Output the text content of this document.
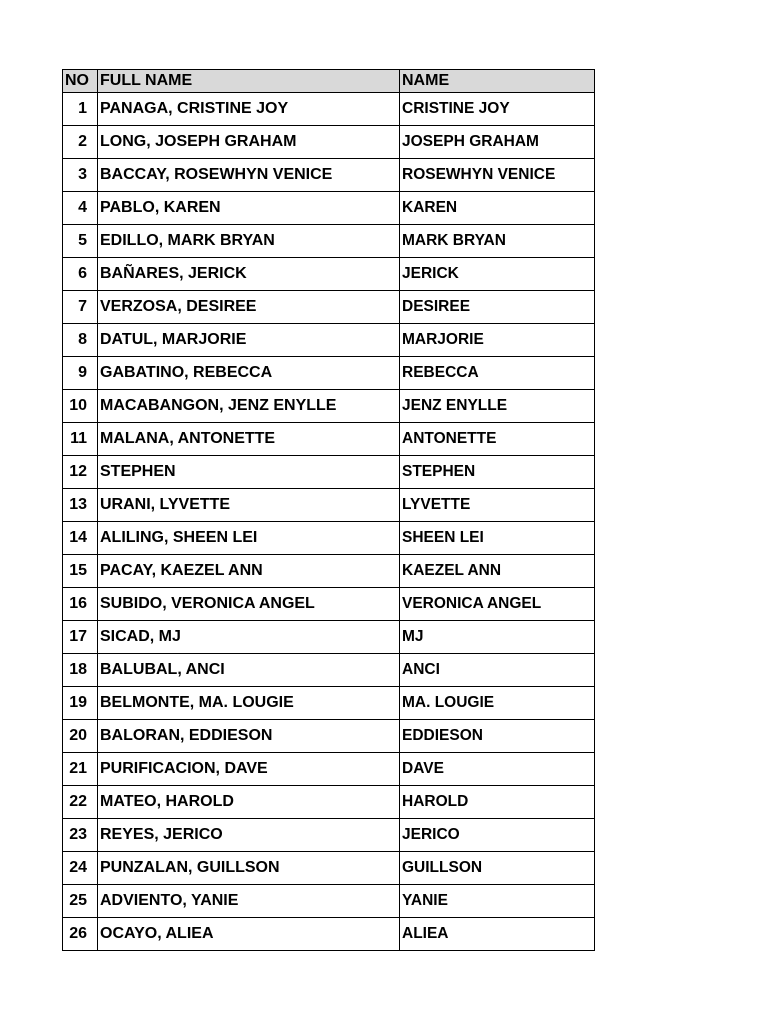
NO	FULL NAME	NAME
1	PANAGA, CRISTINE JOY	CRISTINE JOY
2	LONG, JOSEPH GRAHAM	JOSEPH GRAHAM
3	BACCAY, ROSEWHYN VENICE	ROSEWHYN VENICE
4	PABLO, KAREN	KAREN
5	EDILLO, MARK BRYAN	MARK BRYAN
6	BAÑARES, JERICK	JERICK
7	VERZOSA, DESIREE	DESIREE
8	DATUL, MARJORIE	MARJORIE
9	GABATINO, REBECCA	REBECCA
10	MACABANGON, JENZ ENYLLE	JENZ ENYLLE
11	MALANA, ANTONETTE	ANTONETTE
12	STEPHEN	STEPHEN
13	URANI, LYVETTE	LYVETTE
14	ALILING, SHEEN LEI	SHEEN LEI
15	PACAY, KAEZEL ANN	KAEZEL ANN
16	SUBIDO, VERONICA ANGEL	VERONICA ANGEL
17	SICAD, MJ	MJ
18	BALUBAL, ANCI	ANCI
19	BELMONTE, MA. LOUGIE	MA. LOUGIE
20	BALORAN, EDDIESON	EDDIESON
21	PURIFICACION, DAVE	DAVE
22	MATEO, HAROLD	HAROLD
23	REYES, JERICO	JERICO
24	PUNZALAN, GUILLSON	GUILLSON
25	ADVIENTO, YANIE	YANIE
26	OCAYO, ALIEA	ALIEA
